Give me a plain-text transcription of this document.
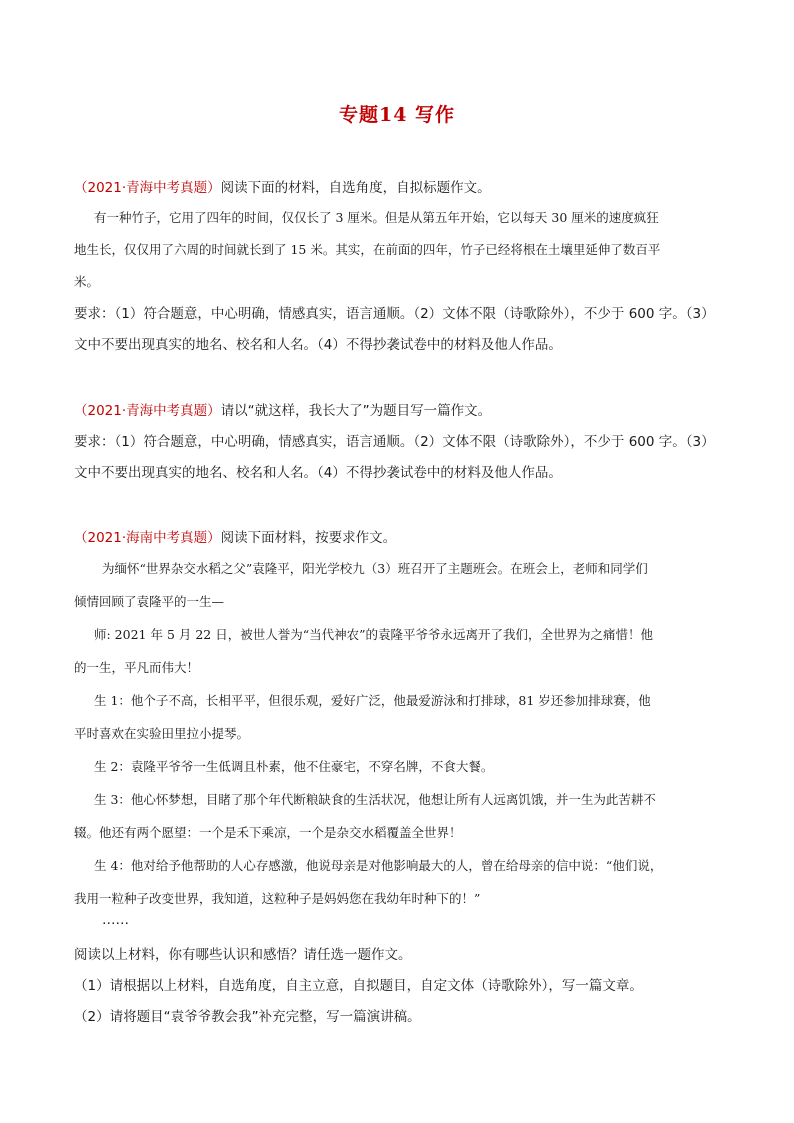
专题14 写作
（2021·青海中考真题）阅读下面的材料，自选角度，自拟标题作文。
有一种竹子，它用了四年的时间，仅仅长了 3 厘米。但是从第五年开始，它以每天 30 厘米的速度疯狂
地生长，仅仅用了六周的时间就长到了 15 米。其实，在前面的四年，竹子已经将根在土壤里延伸了数百平
米。
要求：（1）符合题意，中心明确，情感真实，语言通顺。（2）文体不限（诗歌除外），不少于 600 字。（3）
文中不要出现真实的地名、校名和人名。（4）不得抄袭试卷中的材料及他人作品。
（2021·青海中考真题）请以“就这样，我长大了”为题目写一篇作文。
要求：（1）符合题意，中心明确，情感真实，语言通顺。（2）文体不限（诗歌除外），不少于 600 字。（3）
文中不要出现真实的地名、校名和人名。（4）不得抄袭试卷中的材料及他人作品。
（2021·海南中考真题）阅读下面材料，按要求作文。
为缅怀“世界杂交水稻之父”袁隆平，阳光学校九（3）班召开了主题班会。在班会上，老师和同学们
倾情回顾了袁隆平的一生—
师: 2021 年 5 月 22 日，被世人誉为“当代神农”的袁隆平爷爷永远离开了我们，全世界为之痛惜！他
的一生，平凡而伟大！
生 1：他个子不高，长相平平，但很乐观，爱好广泛，他最爱游泳和打排球，81 岁还参加排球赛，他
平时喜欢在实验田里拉小提琴。
生 2：袁隆平爷爷一生低调且朴素，他不住豪宅，不穿名牌，不食大餐。
生 3：他心怀梦想，目睹了那个年代断粮缺食的生活状况，他想让所有人远离饥饿，并一生为此苦耕不
辍。他还有两个愿望：一个是禾下乘凉，一个是杂交水稻覆盖全世界！
生 4：他对给予他帮助的人心存感激，他说母亲是对他影响最大的人，曾在给母亲的信中说：“他们说，
我用一粒种子改变世界，我知道，这粒种子是妈妈您在我幼年时种下的！”
……
阅读以上材料，你有哪些认识和感悟？请任选一题作文。
（1）请根据以上材料，自选角度，自主立意，自拟题目，自定文体（诗歌除外），写一篇文章。
（2）请将题目“袁爷爷教会我”补充完整，写一篇演讲稿。
